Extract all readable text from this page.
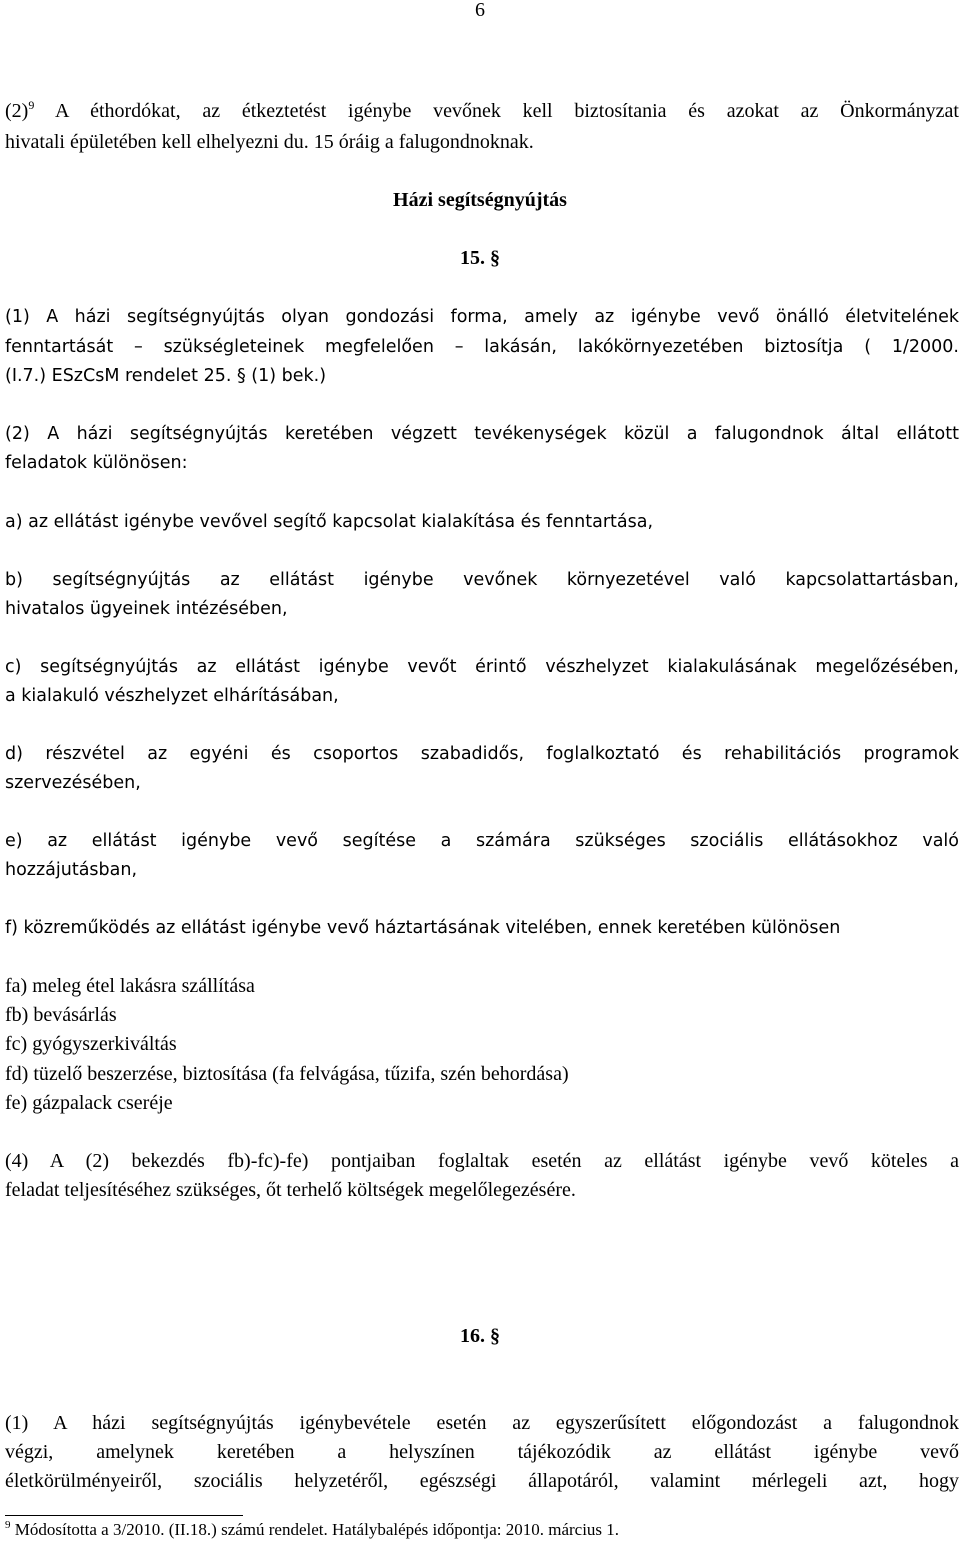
6
$(2)^9$ A éthordókat, az étkeztetést igénybe vevőnek kell biztosítania és azokat az Önkormányzat
hivatali épületében kell elhelyezni du. 15 óráig a falugondnoknak.
Házi segítségnyújtás
15. §
(1) A házi segítségnyújtás olyan gondozási forma, amely az igénybe vevő önálló életvitelének
fenntartását – szükségleteinek megfelelően – lakásán, lakókörnyezetében biztosítja ( 1/2000.
(I.7.) ESzCsM rendelet 25. § (1) bek.)
(2) A házi segítségnyújtás keretében végzett tevékenységek közül a falugondnok által ellátott
feladatok különösen:
a) az ellátást igénybe vevővel segítő kapcsolat kialakítása és fenntartása,
b) segítségnyújtás az ellátást igénybe vevőnek környezetével való kapcsolattartásban,
hivatalos ügyeinek intézésében,
c) segítségnyújtás az ellátást igénybe vevőt érintő vészhelyzet kialakulásának megelőzésében,
a kialakuló vészhelyzet elhárításában,
d) részvétel az egyéni és csoportos szabadidős, foglalkoztató és rehabilitációs programok
szervezésében,
e) az ellátást igénybe vevő segítése a számára szükséges szociális ellátásokhoz való
hozzájutásban,
f) közreműködés az ellátást igénybe vevő háztartásának vitelében, ennek keretében különösen
fa) meleg étel lakásra szállítása
fb) bevásárlás
fc) gyógyszerkiváltás
fd) tüzelő beszerzése, biztosítása (fa felvágása, tűzifa, szén behordása)
fe) gázpalack cseréje
(4) A (2) bekezdés fb)-fc)-fe) pontjaiban foglaltak esetén az ellátást igénybe vevő köteles a
feladat teljesítéséhez szükséges, őt terhelő költségek megelőlegezésére.
16. §
(1) A házi segítségnyújtás igénybevétele esetén az egyszerűsített előgondozást a falugondnok
végzi, amelynek keretében a helyszínen tájékozódik az ellátást igénybe vevő
életkörülményeiről, szociális helyzetéről, egészségi állapotáról, valamint mérlegeli azt, hogy
$^9$ Módosította a 3/2010. (II.18.) számú rendelet. Hatálybalépés időpontja: 2010. március 1.
